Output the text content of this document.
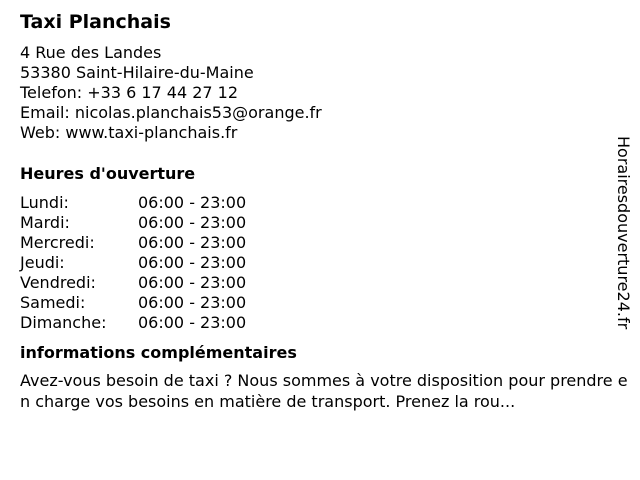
Taxi Planchais
4 Rue des Landes
53380 Saint-Hilaire-du-Maine
Telefon: +33 6 17 44 27 12
Email: nicolas.planchais53@orange.fr
Web: www.taxi-planchais.fr
Heures d'ouverture
Lundi:	06:00 - 23:00
Mardi:	06:00 - 23:00
Mercredi:	06:00 - 23:00
Jeudi:	06:00 - 23:00
Vendredi:	06:00 - 23:00
Samedi:	06:00 - 23:00
Dimanche:	06:00 - 23:00
informations complémentaires
Avez-vous besoin de taxi ? Nous sommes à votre disposition pour prendre en charge vos besoins en matière de transport. Prenez la rou...
Horairesdouverture24.fr
